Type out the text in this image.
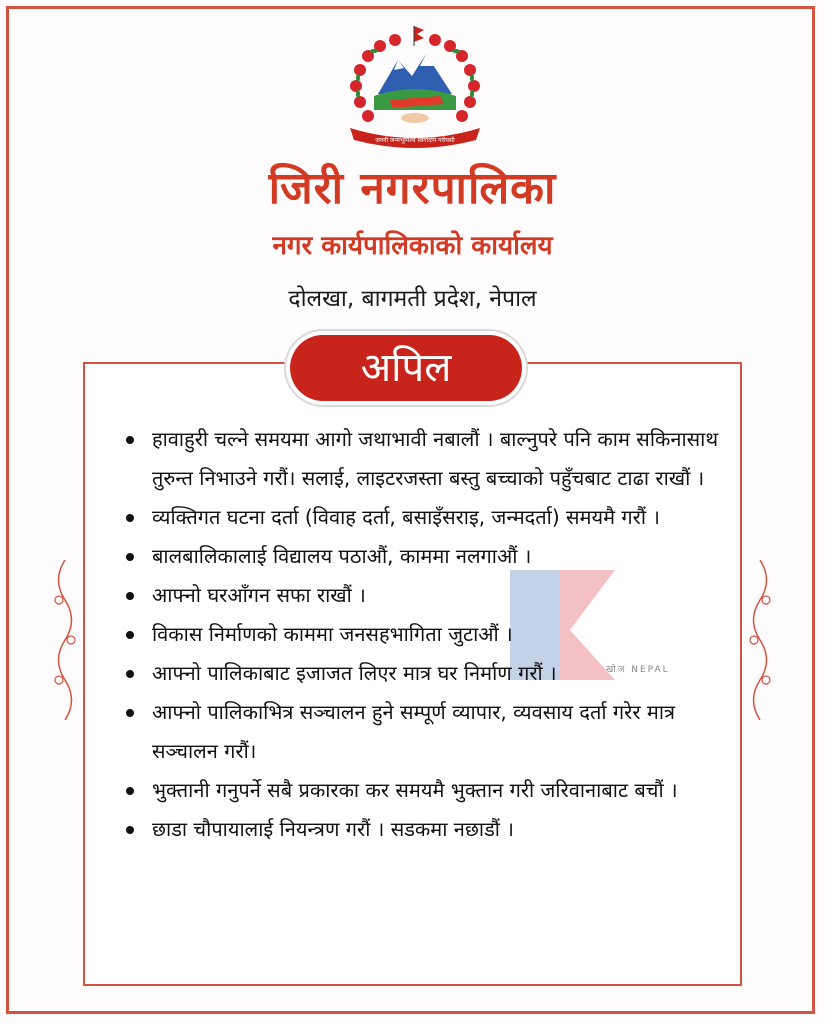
जननी जन्मभूमिश्च स्वर्गादपि गरीयसी
जिरी नगरपालिका
नगर कार्यपालिकाको कार्यालय
दोलखा, बागमती प्रदेश, नेपाल
खोज NEPAL
अपिल
हावाहुरी चल्ने समयमा आगो जथाभावी नबालौं । बाल्नुपरे पनि काम सकिनासाथ तुरुन्त निभाउने गरौं। सलाई, लाइटरजस्ता बस्तु बच्चाको पहुँचबाट टाढा राखौं ।
व्यक्तिगत घटना दर्ता (विवाह दर्ता, बसाइँसराइ, जन्मदर्ता) समयमै गरौं ।
बालबालिकालाई विद्यालय पठाऔं, काममा नलगाऔं ।
आफ्नो घरआँगन सफा राखौं ।
विकास निर्माणको काममा जनसहभागिता जुटाऔं ।
आफ्नो पालिकाबाट इजाजत लिएर मात्र घर निर्माण गरौं ।
आफ्नो पालिकाभित्र सञ्चालन हुने सम्पूर्ण व्यापार, व्यवसाय दर्ता गरेर मात्र सञ्चालन गरौं।
भुक्तानी गनुपर्ने सबै प्रकारका कर समयमै भुक्तान गरी जरिवानाबाट बचौं ।
छाडा चौपायालाई नियन्त्रण गरौं । सडकमा नछाडौं ।
